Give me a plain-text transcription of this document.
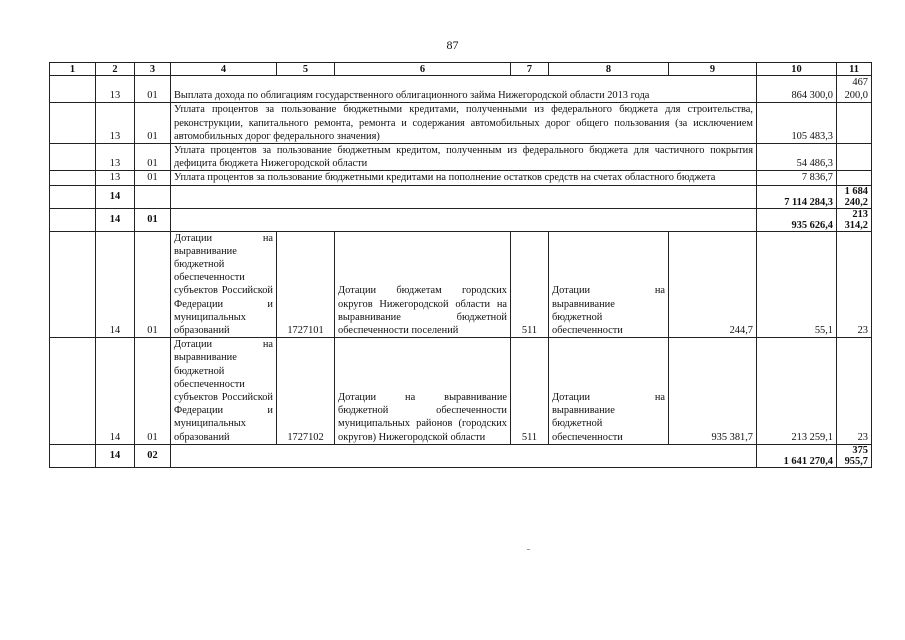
87
1	2	3	4	5	6	7	8	9	10	11	
	13	01	Выплата дохода по облигациям государственного облигационного займа Нижегородской области 2013 года						864 300,0	467 200,0	
	13	01	Уплата процентов за пользование бюджетными кредитами, полученными из федерального бюджета для строительства, реконструкции, капитального ремонта, ремонта и содержания автомобильных дорог общего пользования (за исключением автомобильных дорог федерального значения)						105 483,3		
	13	01	Уплата процентов за пользование бюджетным кредитом, полученным из федерального бюджета для частичного покрытия дефицита бюджета Нижегородской области						54 486,3		
	13	01	Уплата процентов за пользование бюджетными кредитами на пополнение остатков средств на счетах областного бюджета						7 836,7		
	14								7 114 284,3	1 684 240,2	
	14	01							935 626,4	213 314,2	
	14	01	Дотации на выравнивание бюджетной обеспеченности субъектов Российской Федерации и муниципальных образований	1727101	Дотации бюджетам городских округов Нижегородской области на выравнивание бюджетной обеспеченности поселений	511	Дотации на выравнивание бюджетной обеспеченности	244,7	55,1	23	
	14	01	Дотации на выравнивание бюджетной обеспеченности субъектов Российской Федерации и муниципальных образований	1727102	Дотации на выравнивание бюджетной обеспеченности муниципальных районов (городских округов) Нижегородской области	511	Дотации на выравнивание бюджетной обеспеченности	935 381,7	213 259,1	23	
	14	02							1 641 270,4	375 955,7	
